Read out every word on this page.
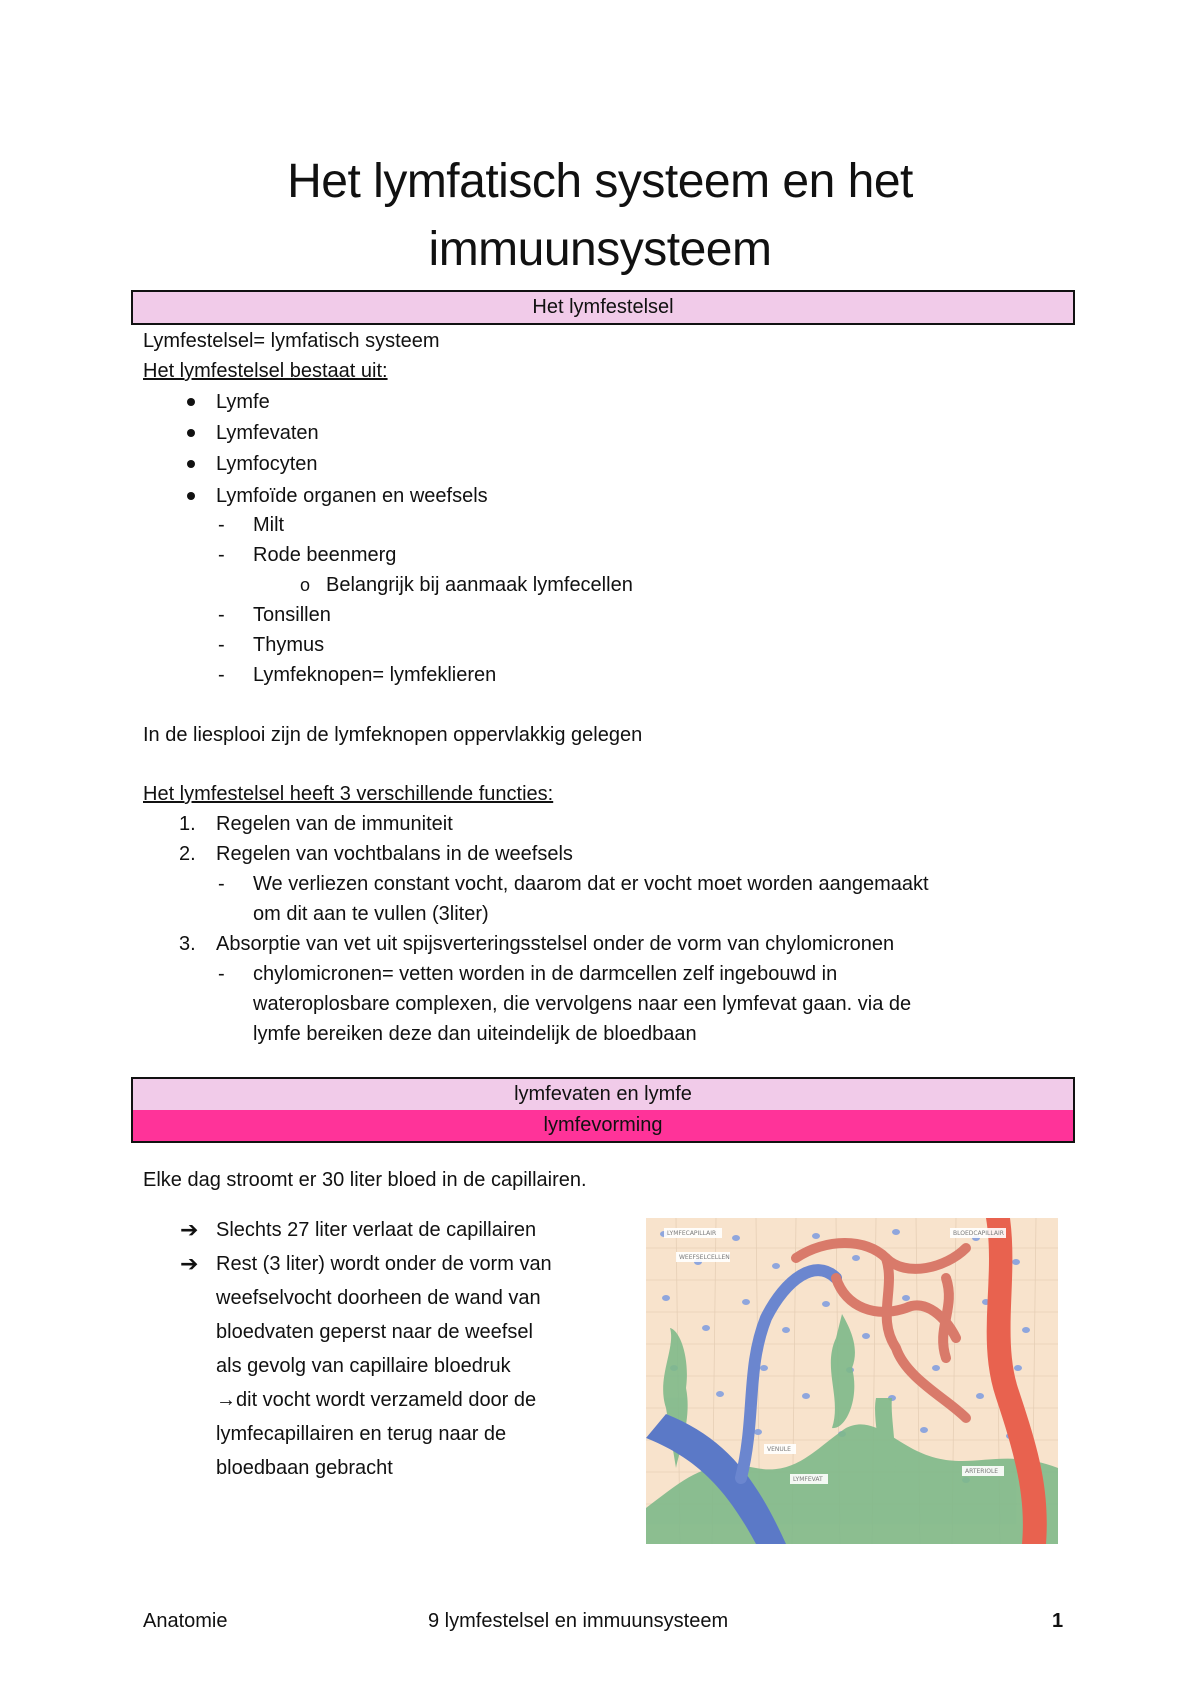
Het lymfatisch systeem en het
immuunsysteem
Het lymfestelsel
Lymfestelsel= lymfatisch systeem
Het lymfestelsel bestaat uit:
Lymfe
Lymfevaten
Lymfocyten
Lymfoïde organen en weefsels
- Milt
- Rode beenmerg
o Belangrijk bij aanmaak lymfecellen
- Tonsillen
- Thymus
- Lymfeknopen= lymfeklieren
In de liesplooi zijn de lymfeknopen oppervlakkig gelegen
Het lymfestelsel heeft 3 verschillende functies:
1. Regelen van de immuniteit
2. Regelen van vochtbalans in de weefsels
- We verliezen constant vocht, daarom dat er vocht moet worden aangemaakt
om dit aan te vullen (3liter)
3. Absorptie van vet uit spijsverteringsstelsel onder de vorm van chylomicronen
- chylomicronen= vetten worden in de darmcellen zelf ingebouwd in
wateroplosbare complexen, die vervolgens naar een lymfevat gaan. via de
lymfe bereiken deze dan uiteindelijk de bloedbaan
lymfevaten en lymfe
lymfevorming
Elke dag stroomt er 30 liter bloed in de capillairen.
➔ Slechts 27 liter verlaat de capillairen
➔ Rest (3 liter) wordt onder de vorm van
weefselvocht doorheen de wand van
bloedvaten geperst naar de weefsel
als gevolg van capillaire bloedruk
→dit vocht wordt verzameld door de
lymfecapillairen en terug naar de
bloedbaan gebracht
LYMFECAPILLAIR
WEEFSELCELLEN
BLOEDCAPILLAIR
VENULE
LYMFEVAT
ARTERIOLE
Anatomie	9 lymfestelsel en immuunsysteem	1
